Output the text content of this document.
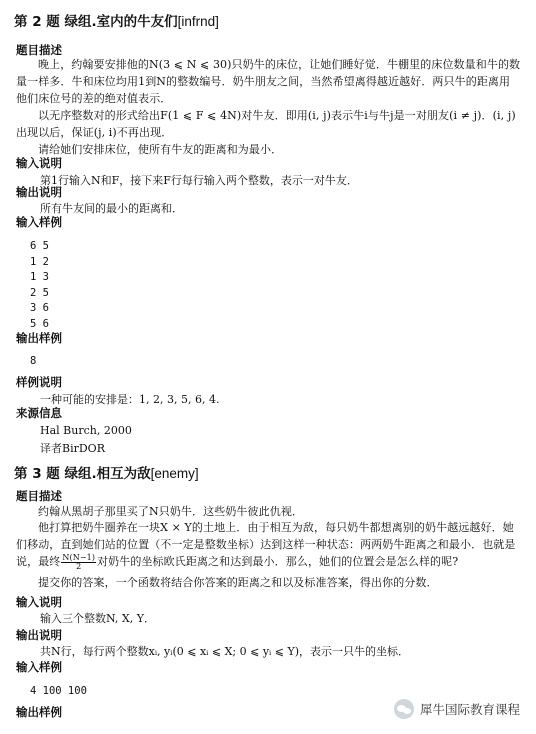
第 2 题 绿组.室内的牛友们[infrnd]
题目描述
晚上，约翰要安排他的N(3 ⩽ N ⩽ 30)只奶牛的床位，让她们睡好觉．牛棚里的床位数量和牛的数量一样多．牛和床位均用1到N的整数编号．奶牛朋友之间，当然希望离得越近越好．两只牛的距离用他们床位号的差的绝对值表示．
以无序整数对的形式给出F(1 ⩽ F ⩽ 4N)对牛友．即用(i, j)表示牛i与牛j是一对朋友(i ≠ j)．(i, j)出现以后，保证(j, i)不再出现．
请给她们安排床位，使所有牛友的距离和为最小．
输入说明
第1行输入N和F，接下来F行每行输入两个整数，表示一对牛友．
输出说明
所有牛友间的最小的距离和．
输入样例
6 5
1 2
1 3
2 5
3 6
5 6
输出样例
8
样例说明
一种可能的安排是：1, 2, 3, 5, 6, 4.
来源信息
Hal Burch, 2000
译者BirDOR
第 3 题 绿组.相互为敌[enemy]
题目描述
约翰从黑胡子那里买了N只奶牛．这些奶牛彼此仇视．
他打算把奶牛圈养在一块X × Y的土地上．由于相互为敌，每只奶牛都想离别的奶牛越远越好．她们移动，直到她们站的位置（不一定是整数坐标）达到这样一种状态：两两奶牛距离之和最小．也就是说，最终 $\frac{N(N-1)}{2}$ 对奶牛的坐标欧氏距离之和达到最小．那么，她们的位置会是怎么样的呢?
提交你的答案，一个函数将结合你答案的距离之和以及标准答案，得出你的分数．
输入说明
输入三个整数N, X, Y．
输出说明
共N行，每行两个整数xᵢ, yᵢ(0 ⩽ xᵢ ⩽ X; 0 ⩽ yᵢ ⩽ Y)，表示一只牛的坐标．
输入样例
4 100 100
输出样例	犀牛国际教育课程
